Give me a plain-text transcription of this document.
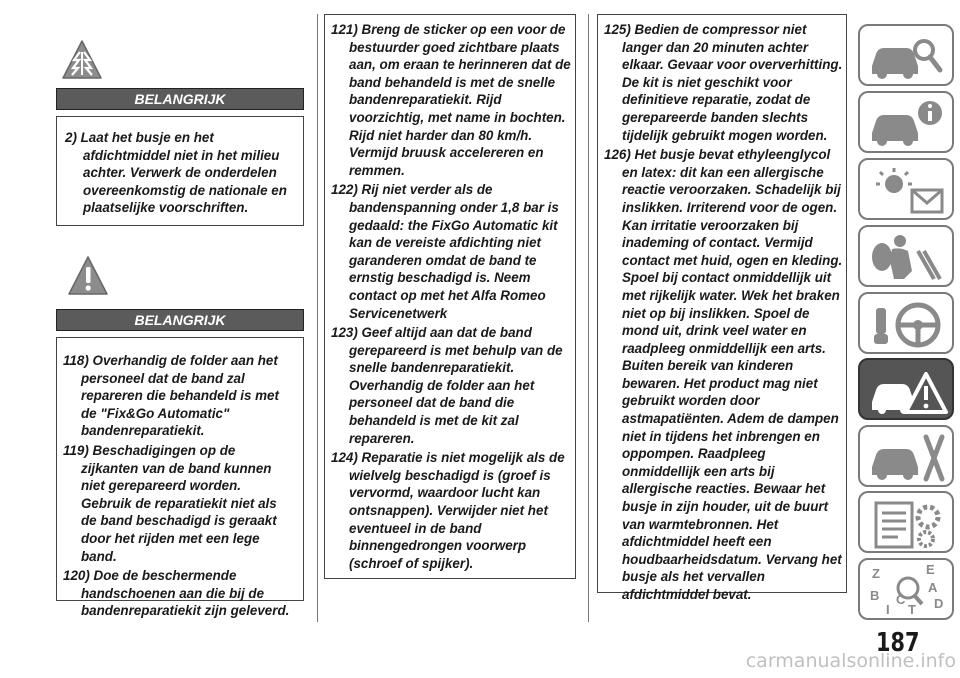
BELANGRIJK

2) Laat het busje en het afdichtmiddel niet in het milieu achter. Verwerk de onderdelen overeenkomstig de nationale en plaatselijke voorschriften.

BELANGRIJK

118) Overhandig de folder aan het personeel dat de band zal repareren die behandeld is met de "Fix&Go Automatic" bandenreparatiekit.

119) Beschadigingen op de zijkanten van de band kunnen niet gerepareerd worden. Gebruik de reparatiekit niet als de band beschadigd is geraakt door het rijden met een lege band.

120) Doe de beschermende handschoenen aan die bij de bandenreparatiekit zijn geleverd.

121) Breng de sticker op een voor de bestuurder goed zichtbare plaats aan, om eraan te herinneren dat de band behandeld is met de snelle bandenreparatiekit. Rijd voorzichtig, met name in bochten. Rijd niet harder dan 80 km/h. Vermijd bruusk accelereren en remmen.

122) Rij niet verder als de bandenspanning onder 1,8 bar is gedaald: the FixGo Automatic kit kan de vereiste afdichting niet garanderen omdat de band te ernstig beschadigd is. Neem contact op met het Alfa Romeo Servicenetwerk

123) Geef altijd aan dat de band gerepareerd is met behulp van de snelle bandenreparatiekit. Overhandig de folder aan het personeel dat de band die behandeld is met de kit zal repareren.

124) Reparatie is niet mogelijk als de wielvelg beschadigd is (groef is vervormd, waardoor lucht kan ontsnappen). Verwijder niet het eventueel in de band binnengedrongen voorwerp (schroef of spijker).

125) Bedien de compressor niet langer dan 20 minuten achter elkaar. Gevaar voor oververhitting. De kit is niet geschikt voor definitieve reparatie, zodat de gerepareerde banden slechts tijdelijk gebruikt mogen worden.

126) Het busje bevat ethyleenglycol en latex: dit kan een allergische reactie veroorzaken. Schadelijk bij inslikken. Irriterend voor de ogen. Kan irritatie veroorzaken bij inademing of contact. Vermijd contact met huid, ogen en kleding. Spoel bij contact onmiddellijk uit met rijkelijk water. Wek het braken niet op bij inslikken. Spoel de mond uit, drink veel water en raadpleeg onmiddellijk een arts. Buiten bereik van kinderen bewaren. Het product mag niet gebruikt worden door astmapatiënten. Adem de dampen niet in tijdens het inbrengen en oppompen. Raadpleeg onmiddellijk een arts bij allergische reacties. Bewaar het busje in zijn houder, uit de buurt van warmtebronnen. Het afdichtmiddel heeft een houdbaarheidsdatum. Vervang het busje als het vervallen afdichtmiddel bevat.

Z	E
A
B C
T D
I
187
carmanualsonline.info
